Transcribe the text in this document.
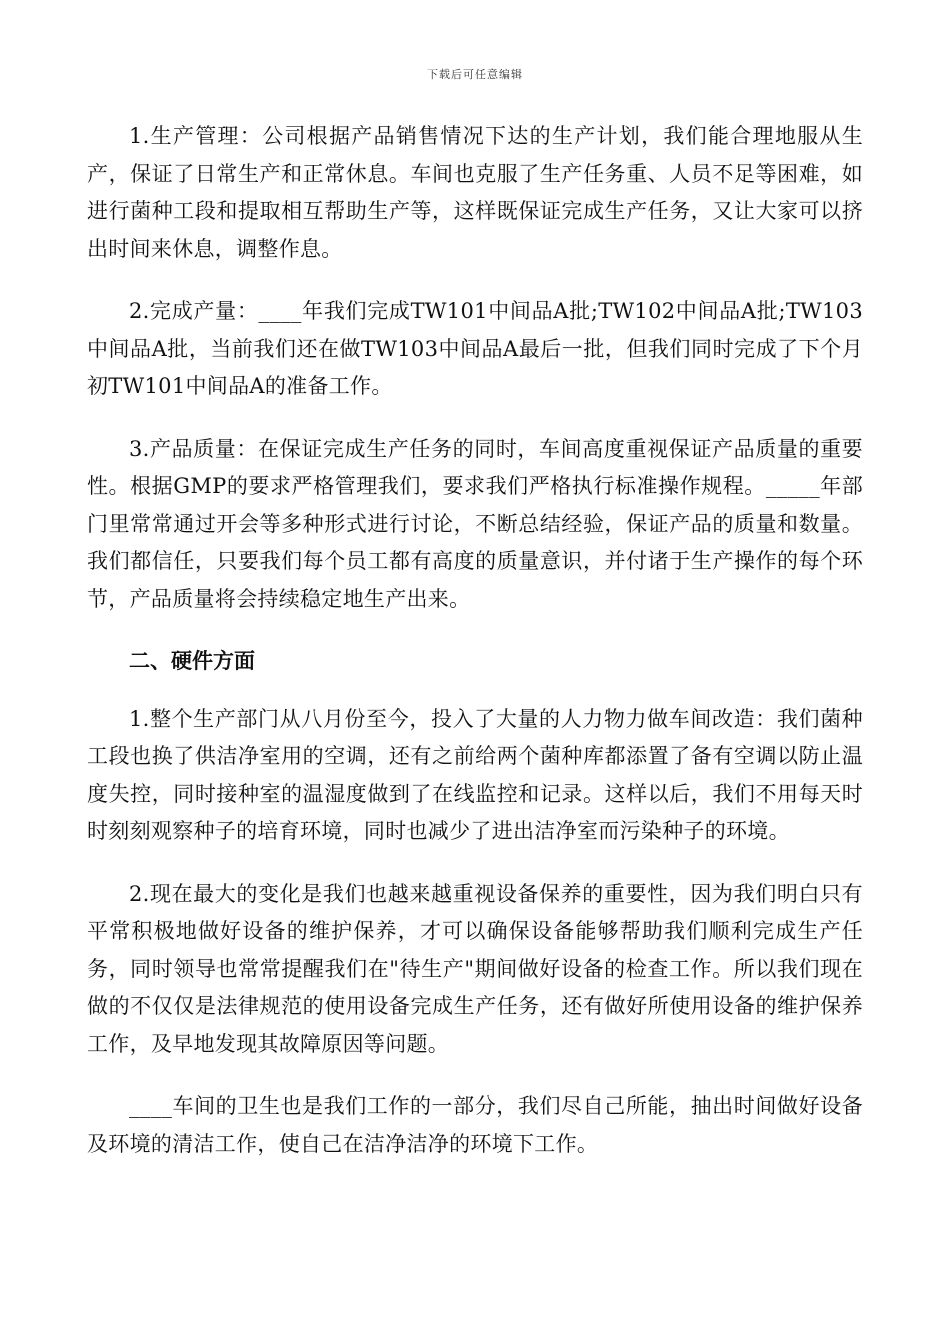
下载后可任意编辑

1.生产管理：公司根据产品销售情况下达的生产计划，我们能合理地服从生产，保证了日常生产和正常休息。车间也克服了生产任务重、人员不足等困难，如进行菌种工段和提取相互帮助生产等，这样既保证完成生产任务，又让大家可以挤出时间来休息，调整作息。

2.完成产量：____年我们完成TW101中间品A批;TW102中间品A批;TW103中间品A批，当前我们还在做TW103中间品A最后一批，但我们同时完成了下个月初TW101中间品A的准备工作。

3.产品质量：在保证完成生产任务的同时，车间高度重视保证产品质量的重要性。根据GMP的要求严格管理我们，要求我们严格执行标准操作规程。_____年部门里常常通过开会等多种形式进行讨论，不断总结经验，保证产品的质量和数量。我们都信任，只要我们每个员工都有高度的质量意识，并付诸于生产操作的每个环节，产品质量将会持续稳定地生产出来。

二、硬件方面

1.整个生产部门从八月份至今，投入了大量的人力物力做车间改造：我们菌种工段也换了供洁净室用的空调，还有之前给两个菌种库都添置了备有空调以防止温度失控，同时接种室的温湿度做到了在线监控和记录。这样以后，我们不用每天时时刻刻观察种子的培育环境，同时也减少了进出洁净室而污染种子的环境。

2.现在最大的变化是我们也越来越重视设备保养的重要性，因为我们明白只有平常积极地做好设备的维护保养，才可以确保设备能够帮助我们顺利完成生产任务，同时领导也常常提醒我们在"待生产"期间做好设备的检查工作。所以我们现在做的不仅仅是法律规范的使用设备完成生产任务，还有做好所使用设备的维护保养工作，及早地发现其故障原因等问题。

____车间的卫生也是我们工作的一部分，我们尽自己所能，抽出时间做好设备及环境的清洁工作，使自己在洁净洁净的环境下工作。
